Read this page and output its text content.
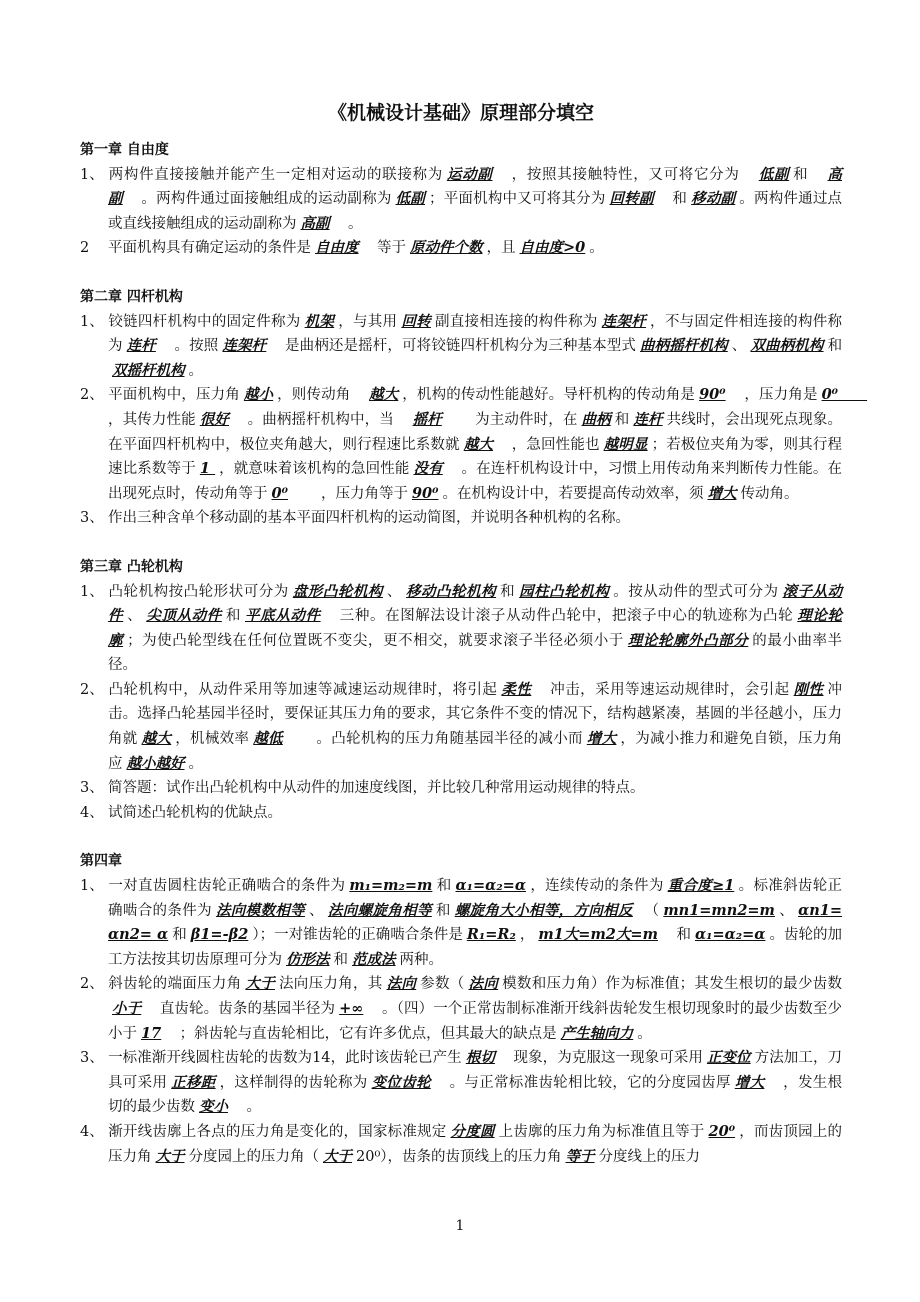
《机械设计基础》原理部分填空

第一章 自由度

1、 两构件直接接触并能产生一定相对运动的联接称为 运动副　，按照其接触特性，又可将它分为　低副 和　高副　。两构件通过面接触组成的运动副称为 低副 ；平面机构中又可将其分为 回转副　和 移动副 。两构件通过点或直线接触组成的运动副称为 高副　。

2平面机构具有确定运动的条件是 自由度　等于 原动件个数 ，且 自由度>0 。

第二章 四杆机构

1、 铰链四杆机构中的固定件称为 机架 ，与其用 回转 副直接相连接的构件称为 连架杆 ，不与固定件相连接的构件称为 连杆　。按照 连架杆　是曲柄还是摇杆，可将铰链四杆机构分为三种基本型式 曲柄摇杆机构 、 双曲柄机构 和双摇杆机构 。

2、 平面机构中，压力角 越小 ，则传动角　越大 ，机构的传动性能越好。导杆机构的传动角是 90⁰　，压力角是 0⁰　　，其传力性能 很好　。曲柄摇杆机构中，当　摇杆　　为主动件时，在 曲柄 和 连杆 共线时，会出现死点现象。在平面四杆机构中，极位夹角越大，则行程速比系数就 越大　，急回性能也 越明显 ；若极位夹角为零，则其行程速比系数等于 1 ，就意味着该机构的急回性能 没有　。在连杆机构设计中，习惯上用传动角来判断传力性能。在出现死点时，传动角等于 0⁰　　，压力角等于 90⁰ 。在机构设计中，若要提高传动效率，须 增大 传动角。

3、 作出三种含单个移动副的基本平面四杆机构的运动简图，并说明各种机构的名称。

第三章 凸轮机构

1、 凸轮机构按凸轮形状可分为 盘形凸轮机构 、 移动凸轮机构 和 园柱凸轮机构 。按从动件的型式可分为 滚子从动件 、 尖顶从动件 和 平底从动件　三种。在图解法设计滚子从动件凸轮中，把滚子中心的轨迹称为凸轮 理论轮廓 ；为使凸轮型线在任何位置既不变尖，更不相交，就要求滚子半径必须小于 理论轮廓外凸部分 的最小曲率半径。

2、 凸轮机构中，从动件采用等加速等减速运动规律时，将引起 柔性　冲击，采用等速运动规律时，会引起 刚性 冲击。选择凸轮基园半径时，要保证其压力角的要求，其它条件不变的情况下，结构越紧凑，基圆的半径越小，压力角就 越大 ，机械效率 越低　　。凸轮机构的压力角随基园半径的减小而 增大 ，为减小推力和避免自锁，压力角应 越小越好 。

3、 简答题：试作出凸轮机构中从动件的加速度线图，并比较几种常用运动规律的特点。

4、 试简述凸轮机构的优缺点。

第四章

1、 一对直齿圆柱齿轮正确啮合的条件为 m₁=m₂=m 和 α₁=α₂=α ，连续传动的条件为 重合度≥1 。标准斜齿轮正确啮合的条件为 法向模数相等 、 法向螺旋角相等 和 螺旋角大小相等，方向相反　（ mn1=mn2=m 、 αn1= αn2= α 和 β1=-β2 ）；一对锥齿轮的正确啮合条件是 R₁=R₂ ， m1大=m2大=m　和 α₁=α₂=α 。齿轮的加工方法按其切齿原理可分为 仿形法 和 范成法 两种。

2、 斜齿轮的端面压力角 大于 法向压力角，其 法向 参数（ 法向 模数和压力角）作为标准值；其发生根切的最少齿数小于　直齿轮。齿条的基园半径为 +∞　。（四）一个正常齿制标准渐开线斜齿轮发生根切现象时的最少齿数至少小于 17　；斜齿轮与直齿轮相比，它有许多优点，但其最大的缺点是 产生轴向力 。

3、 一标准渐开线圆柱齿轮的齿数为14，此时该齿轮已产生 根切　现象，为克服这一现象可采用 正变位 方法加工，刀具可采用 正移距 ，这样制得的齿轮称为 变位齿轮　。与正常标准齿轮相比较，它的分度园齿厚 增大　，发生根切的最少齿数 变小　。

4、 渐开线齿廓上各点的压力角是变化的，国家标准规定 分度圆 上齿廓的压力角为标准值且等于 20⁰ ，而齿顶园上的压力角 大于 分度园上的压力角（ 大于 20⁰），齿条的齿顶线上的压力角 等于 分度线上的压力

1
